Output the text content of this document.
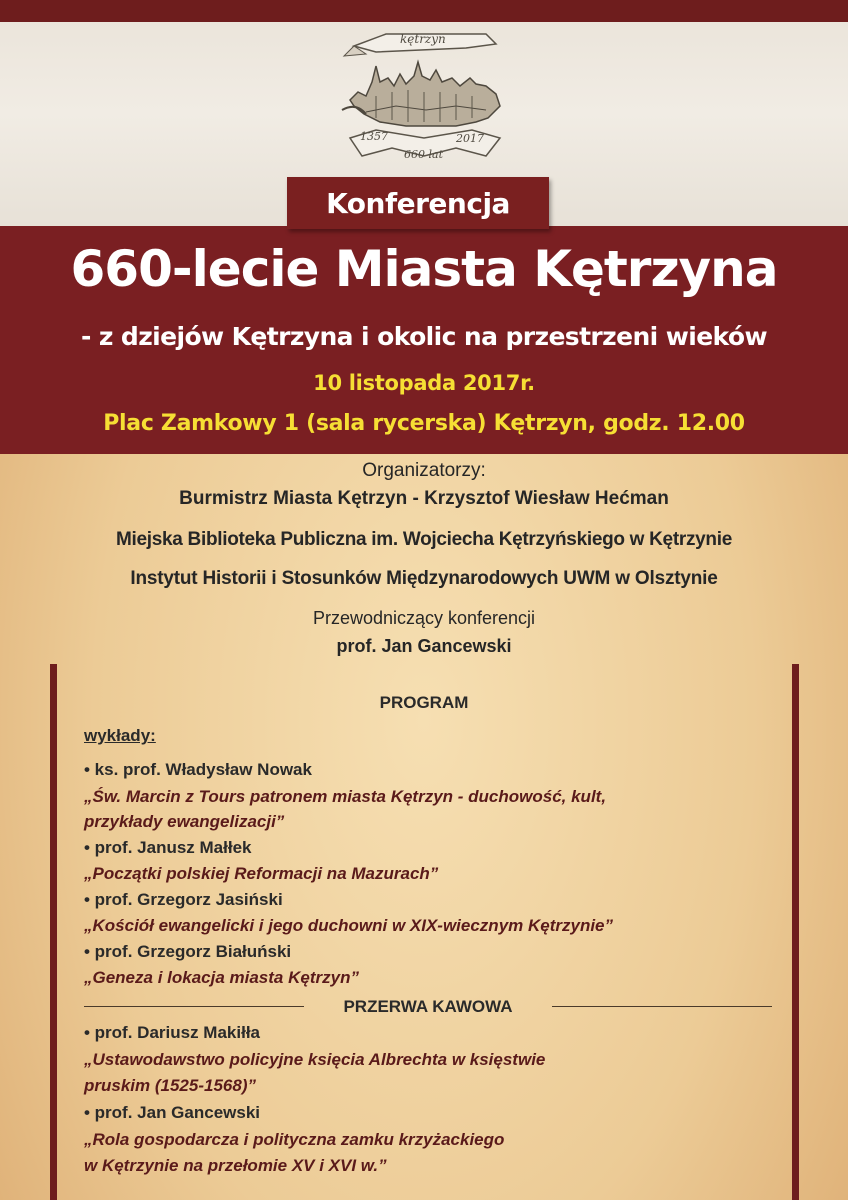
kętrzyn
1357	2017
660 lat
Konferencja
660-lecie Miasta Kętrzyna
- z dziejów Kętrzyna i okolic na przestrzeni wieków
10 listopada 2017r.
Plac Zamkowy 1 (sala rycerska) Kętrzyn, godz. 12.00
Organizatorzy:
Burmistrz Miasta Kętrzyn - Krzysztof Wiesław Hećman
Miejska Biblioteka Publiczna im. Wojciecha Kętrzyńskiego w Kętrzynie
Instytut Historii i Stosunków Międzynarodowych UWM w Olsztynie
Przewodniczący konferencji
prof. Jan Gancewski
PROGRAM
wykłady:
• ks. prof. Władysław Nowak
„Św. Marcin z Tours patronem miasta Kętrzyn - duchowość, kult,
przykłady ewangelizacji”
• prof. Janusz Małłek
„Początki polskiej Reformacji na Mazurach”
• prof. Grzegorz Jasiński
„Kościół ewangelicki i jego duchowni w XIX-wiecznym Kętrzynie”
• prof. Grzegorz Białuński
„Geneza i lokacja miasta Kętrzyn”
PRZERWA KAWOWA
• prof. Dariusz Makiłła
„Ustawodawstwo policyjne księcia Albrechta w księstwie
pruskim (1525-1568)”
• prof. Jan Gancewski
„Rola gospodarcza i polityczna zamku krzyżackiego
w Kętrzynie na przełomie XV i XVI w.”
